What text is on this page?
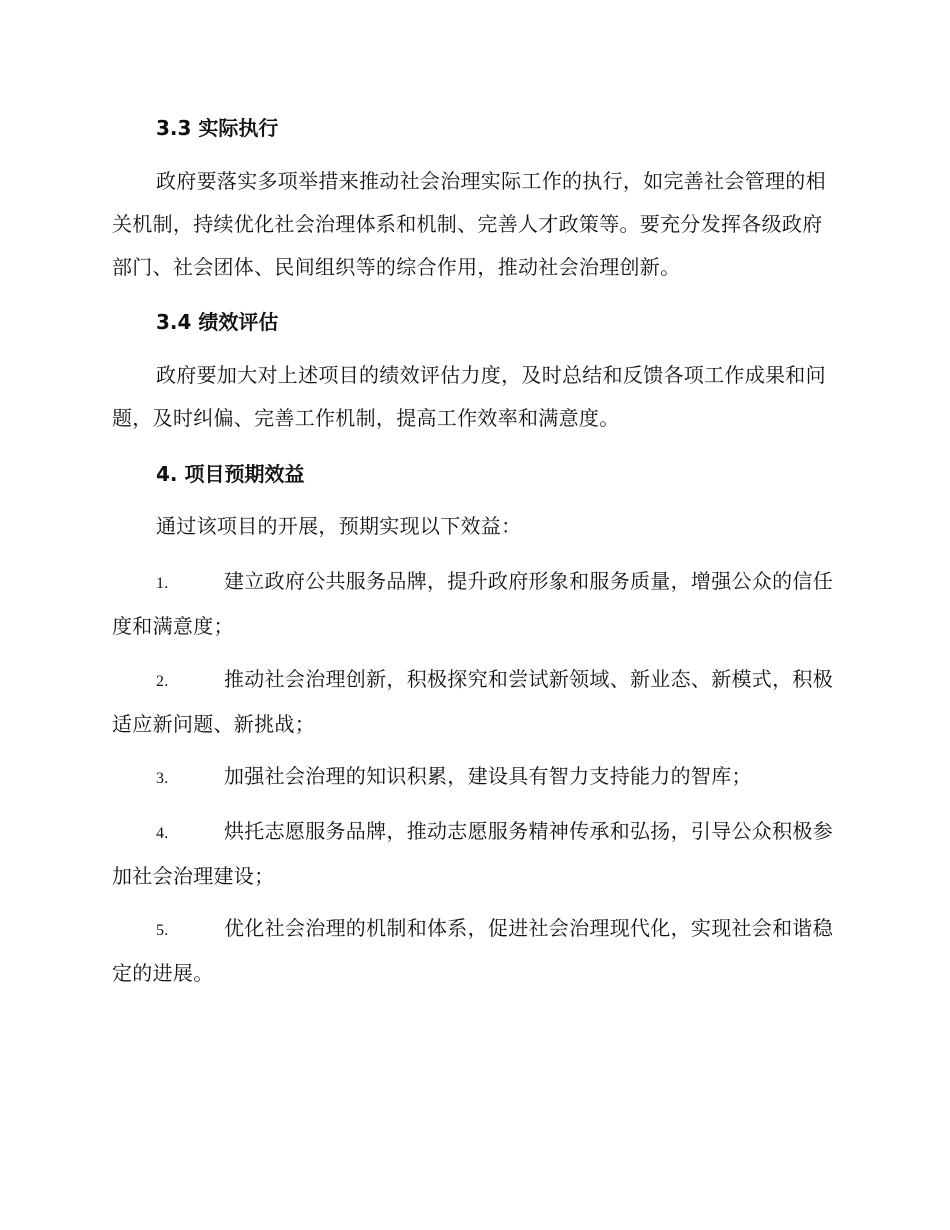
3.3 实际执行

政府要落实多项举措来推动社会治理实际工作的执行，如完善社会管理的相关机制，持续优化社会治理体系和机制、完善人才政策等。要充分发挥各级政府部门、社会团体、民间组织等的综合作用，推动社会治理创新。

3.4 绩效评估

政府要加大对上述项目的绩效评估力度，及时总结和反馈各项工作成果和问题，及时纠偏、完善工作机制，提高工作效率和满意度。

4. 项目预期效益

通过该项目的开展，预期实现以下效益：

1.	建立政府公共服务品牌，提升政府形象和服务质量，增强公众的信任度和满意度；

2.	推动社会治理创新，积极探究和尝试新领域、新业态、新模式，积极适应新问题、新挑战；

3.	加强社会治理的知识积累，建设具有智力支持能力的智库；

4.	烘托志愿服务品牌，推动志愿服务精神传承和弘扬，引导公众积极参加社会治理建设；

5.	优化社会治理的机制和体系，促进社会治理现代化，实现社会和谐稳定的进展。
